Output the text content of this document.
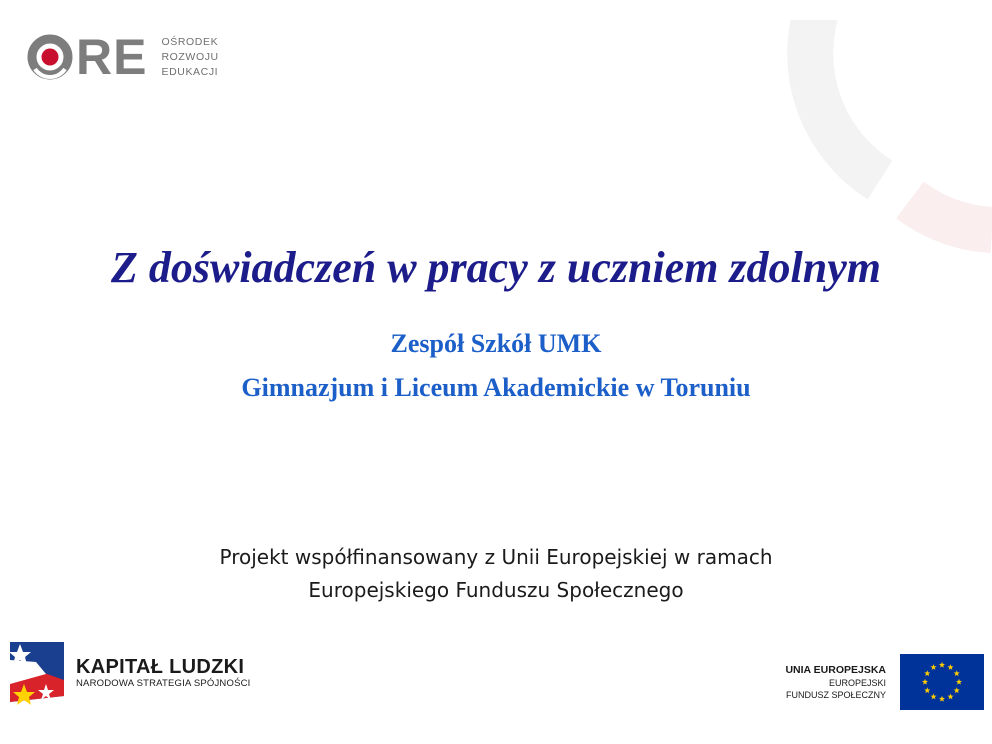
RE OŚRODEK
ROZWOJU
EDUKACJI
Z doświadczeń w pracy z uczniem zdolnym
Zespół Szkół UMK
Gimnazjum i Liceum Akademickie w Toruniu
Projekt współfinansowany z Unii Europejskiej w ramach
Europejskiego Funduszu Społecznego
KAPITAŁ LUDZKI
NARODOWA STRATEGIA SPÓJNOŚCI
UNIA EUROPEJSKA
EUROPEJSKI
FUNDUSZ SPOŁECZNY
